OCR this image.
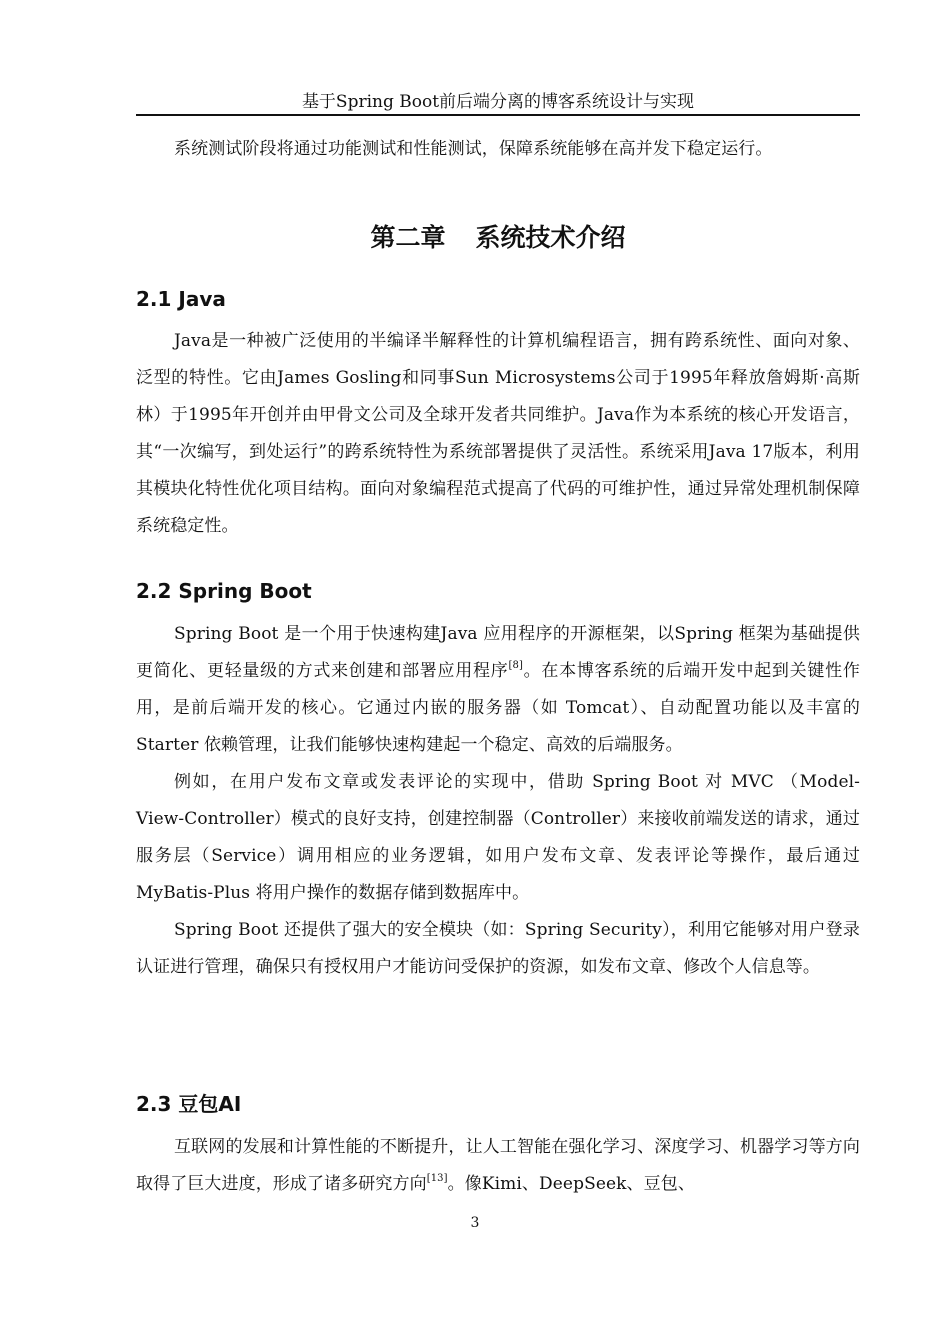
基于Spring Boot前后端分离的博客系统设计与实现

系统测试阶段将通过功能测试和性能测试，保障系统能够在高并发下稳定运行。

第二章 系统技术介绍
2.1 Java

Java是一种被广泛使用的半编译半解释性的计算机编程语言，拥有跨系统性、面向对象、泛型的特性。它由James Gosling和同事Sun Microsystems公司于1995年释放詹姆斯·高斯林）于1995年开创并由甲骨文公司及全球开发者共同维护。Java作为本系统的核心开发语言，其“一次编写，到处运行”的跨系统特性为系统部署提供了灵活性。系统采用Java 17版本，利用其模块化特性优化项目结构。面向对象编程范式提高了代码的可维护性，通过异常处理机制保障系统稳定性。

2.2 Spring Boot

Spring Boot 是一个用于快速构建Java 应用程序的开源框架，以Spring 框架为基础提供更简化、更轻量级的方式来创建和部署应用程序[8]。在本博客系统的后端开发中起到关键性作用，是前后端开发的核心。它通过内嵌的服务器（如 Tomcat）、自动配置功能以及丰富的 Starter 依赖管理，让我们能够快速构建起一个稳定、高效的后端服务。

例如，在用户发布文章或发表评论的实现中，借助 Spring Boot 对 MVC （Model-View-Controller）模式的良好支持，创建控制器（Controller）来接收前端发送的请求，通过服务层（Service）调用相应的业务逻辑，如用户发布文章、发表评论等操作，最后通过 MyBatis-Plus 将用户操作的数据存储到数据库中。

Spring Boot 还提供了强大的安全模块（如：Spring Security），利用它能够对用户登录认证进行管理，确保只有授权用户才能访问受保护的资源，如发布文章、修改个人信息等。

2.3 豆包AI

互联网的发展和计算性能的不断提升，让人工智能在强化学习、深度学习、机器学习等方向取得了巨大进度，形成了诸多研究方向[13]。像Kimi、DeepSeek、豆包、

3
